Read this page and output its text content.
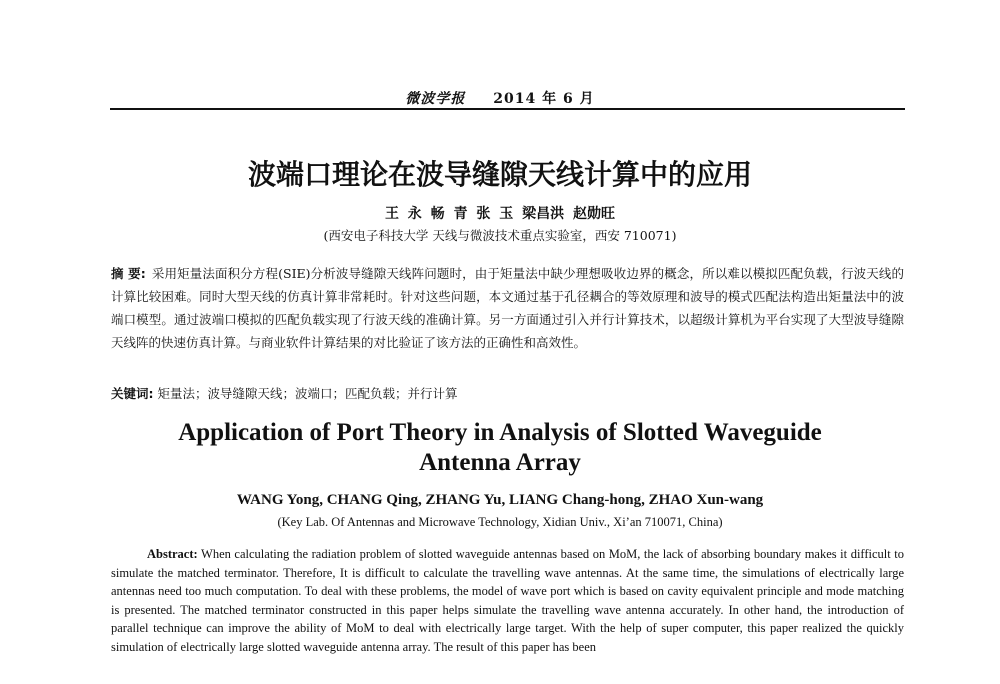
微波学报 2014 年 6 月
波端口理论在波导缝隙天线计算中的应用
王 永 畅 青 张 玉 梁昌洪 赵勋旺
(西安电子科技大学 天线与微波技术重点实验室，西安 710071)
摘 要: 采用矩量法面积分方程(SIE)分析波导缝隙天线阵问题时，由于矩量法中缺少理想吸收边界的概念，所以难以模拟匹配负载，行波天线的计算比较困难。同时大型天线的仿真计算非常耗时。针对这些问题，本文通过基于孔径耦合的等效原理和波导的模式匹配法构造出矩量法中的波端口模型。通过波端口模拟的匹配负载实现了行波天线的准确计算。另一方面通过引入并行计算技术，以超级计算机为平台实现了大型波导缝隙天线阵的快速仿真计算。与商业软件计算结果的对比验证了该方法的正确性和高效性。
关键词: 矩量法；波导缝隙天线；波端口；匹配负载；并行计算
Application of Port Theory in Analysis of Slotted Waveguide
Antenna Array
WANG Yong, CHANG Qing, ZHANG Yu, LIANG Chang-hong, ZHAO Xun-wang
(Key Lab. Of Antennas and Microwave Technology, Xidian Univ., Xi’an 710071, China)
Abstract: When calculating the radiation problem of slotted waveguide antennas based on MoM, the lack of absorbing boundary makes it difficult to simulate the matched terminator. Therefore, It is difficult to calculate the travelling wave antennas. At the same time, the simulations of electrically large antennas need too much computation. To deal with these problems, the model of wave port which is based on cavity equivalent principle and mode matching is presented. The matched terminator constructed in this paper helps simulate the travelling wave antenna accurately. In other hand, the introduction of parallel technique can improve the ability of MoM to deal with electrically large target. With the help of super computer, this paper realized the quickly simulation of electrically large slotted waveguide antenna array. The result of this paper has been
